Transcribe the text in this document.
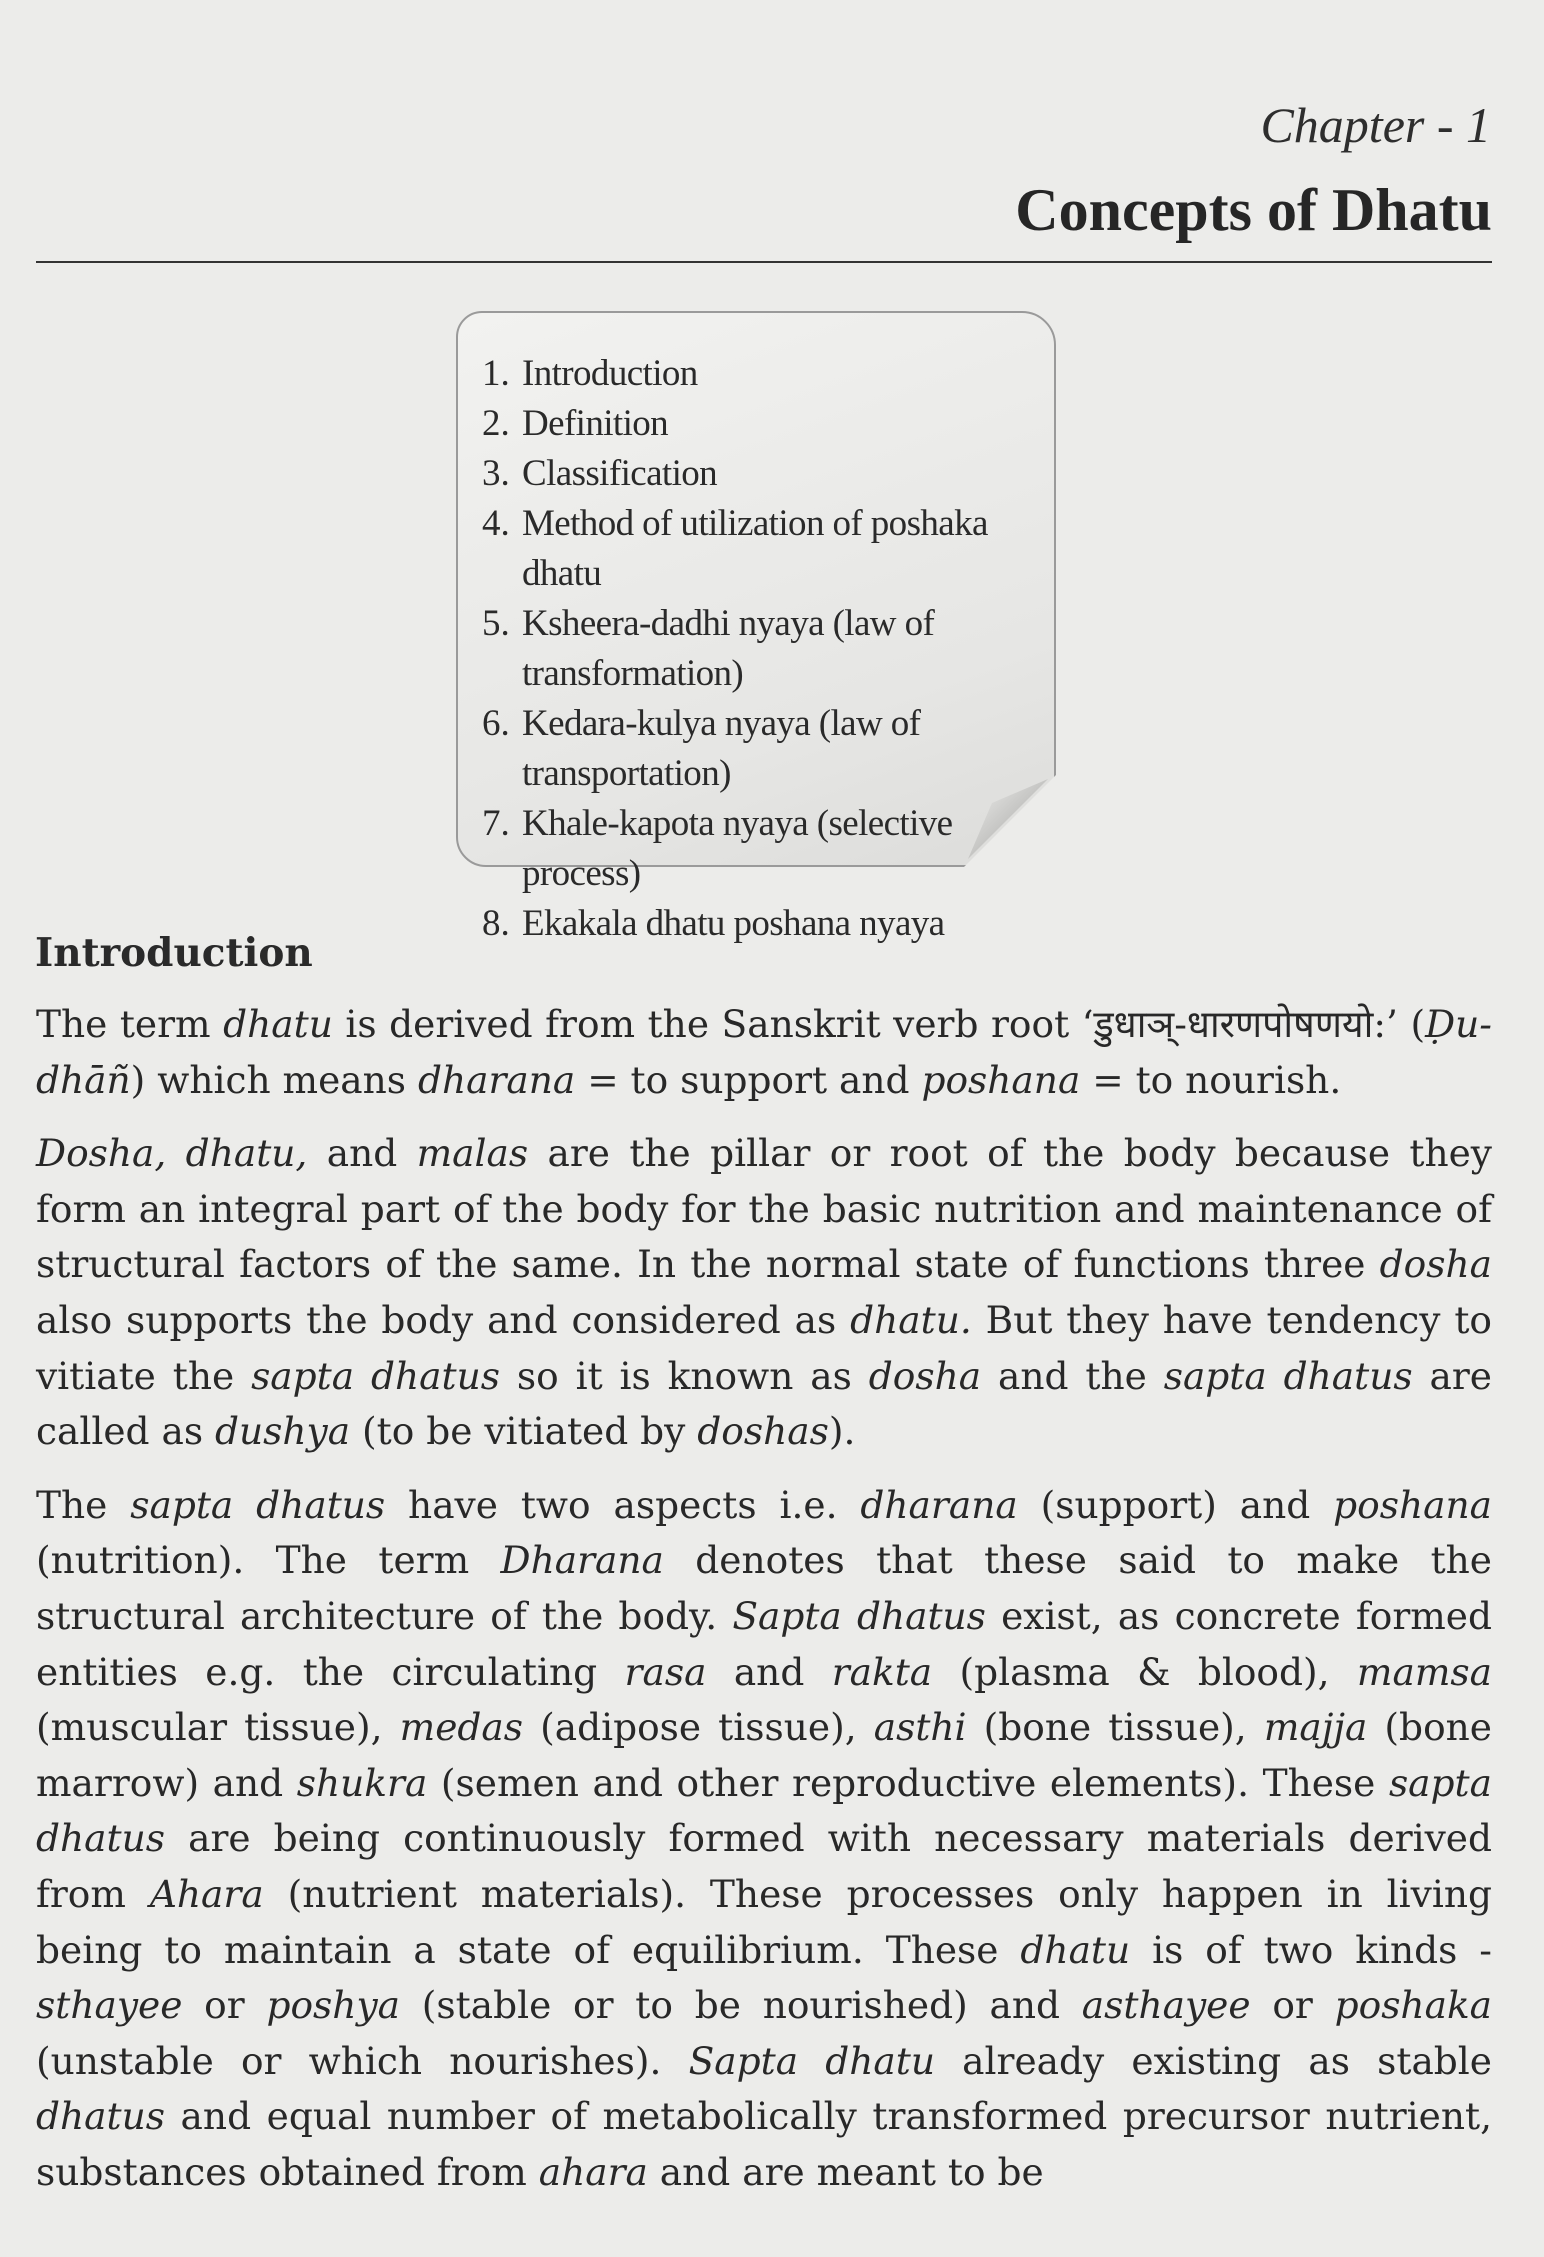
Chapter - 1

Concepts of Dhatu
1. Introduction
2. Definition
3. Classification
4. Method of utilization of poshaka dhatu
5. Ksheera-dadhi nyaya (law of transformation)
6. Kedara-kulya nyaya (law of transportation)
7. Khale-kapota nyaya (selective process)
8. Ekakala dhatu poshana nyaya
Introduction

The term dhatu is derived from the Sanskrit verb root ‘डुधाञ्-धारणपोषणयो:’ (Ḍu-dhāñ) which means dharana = to support and poshana = to nourish.

Dosha, dhatu, and malas are the pillar or root of the body because they form an integral part of the body for the basic nutrition and maintenance of structural factors of the same. In the normal state of functions three dosha also supports the body and considered as dhatu. But they have tendency to vitiate the sapta dhatus so it is known as dosha and the sapta dhatus are called as dushya (to be vitiated by doshas).

The sapta dhatus have two aspects i.e. dharana (support) and poshana (nutrition). The term Dharana denotes that these said to make the structural architecture of the body. Sapta dhatus exist, as concrete formed entities e.g. the circulating rasa and rakta (plasma & blood), mamsa (muscular tissue), medas (adipose tissue), asthi (bone tissue), majja (bone marrow) and shukra (semen and other reproductive elements). These sapta dhatus are being continuously formed with necessary materials derived from Ahara (nutrient materials). These processes only happen in living being to maintain a state of equilibrium. These dhatu is of two kinds - sthayee or poshya (stable or to be nourished) and asthayee or poshaka (unstable or which nourishes). Sapta dhatu already existing as stable dhatus and equal number of metabolically transformed precursor nutrient, substances obtained from ahara and are meant to be
